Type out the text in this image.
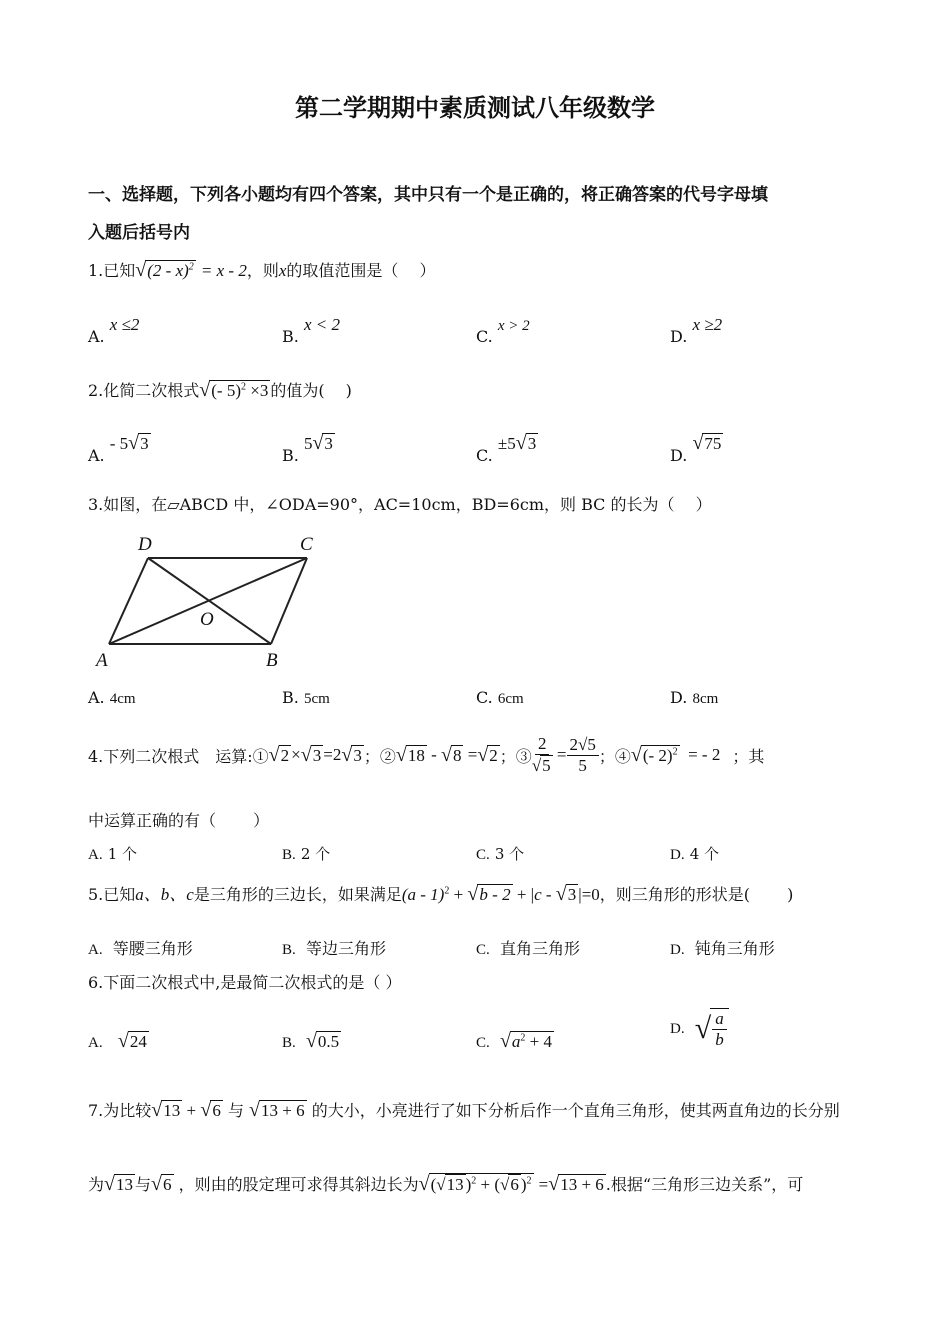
第二学期期中素质测试八年级数学
一、选择题，下列各小题均有四个答案，其中只有一个是正确的，将正确答案的代号字母填
入题后括号内
1.已知√(2 - x)$^2$ = x - 2，则x的取值范围是（　 ）
A. x ≤2
B. x < 2
C. x > 2
D. x ≥2
2.化简二次根式√(- 5)$^2$ ×3 的值为(　 )
A. - 5√3
B. 5√3
C. ±5√3
D. √75
3.如图，在▱ABCD 中，∠ODA=90°，AC=10cm，BD=6cm，则 BC 的长为（　 ）
D	C
A	B
O
A. 4cm	B. 5cm	C. 6cm	D. 8cm
4.下列二次根式　运算:① √ 2 × √ 3 =2 √ 3 ；② √ 18 - √ 8
= √ 2 ；③ $\frac{2}{√5} = \frac{2√5}{5}$ ；④ √ (- 2)$^2$
= - 2 ；其
中运算正确的有（　　 ）
A. 1 个	B. 2 个	C. 3 个	D. 4 个
5.已知a、b、c是三角形的三边长，如果满足(a - 1)$^2$ + √b - 2 + |c - √3 |=0，则三角形的形状是(　　 )
A. 等腰三角形	B. 等边三角形	C. 直角三角形	D. 钝角三角形
6.下面二次根式中,是最简二次根式的是（ ）
A. √24	B. √0.5	C. $√a^2 + 4$
D.
√ $\frac{a}{b}$
7.为比较√13 + √6 与 √13 + 6 的大小，小亮进行了如下分析后作一个直角三角形，使其两直角边的长分别
为√13 与√6 ，则由的股定理可求得其斜边长为√(√13 )$^2$ + (√6 )$^2$ =√13 + 6 .根据“三角形三边关系”，可
